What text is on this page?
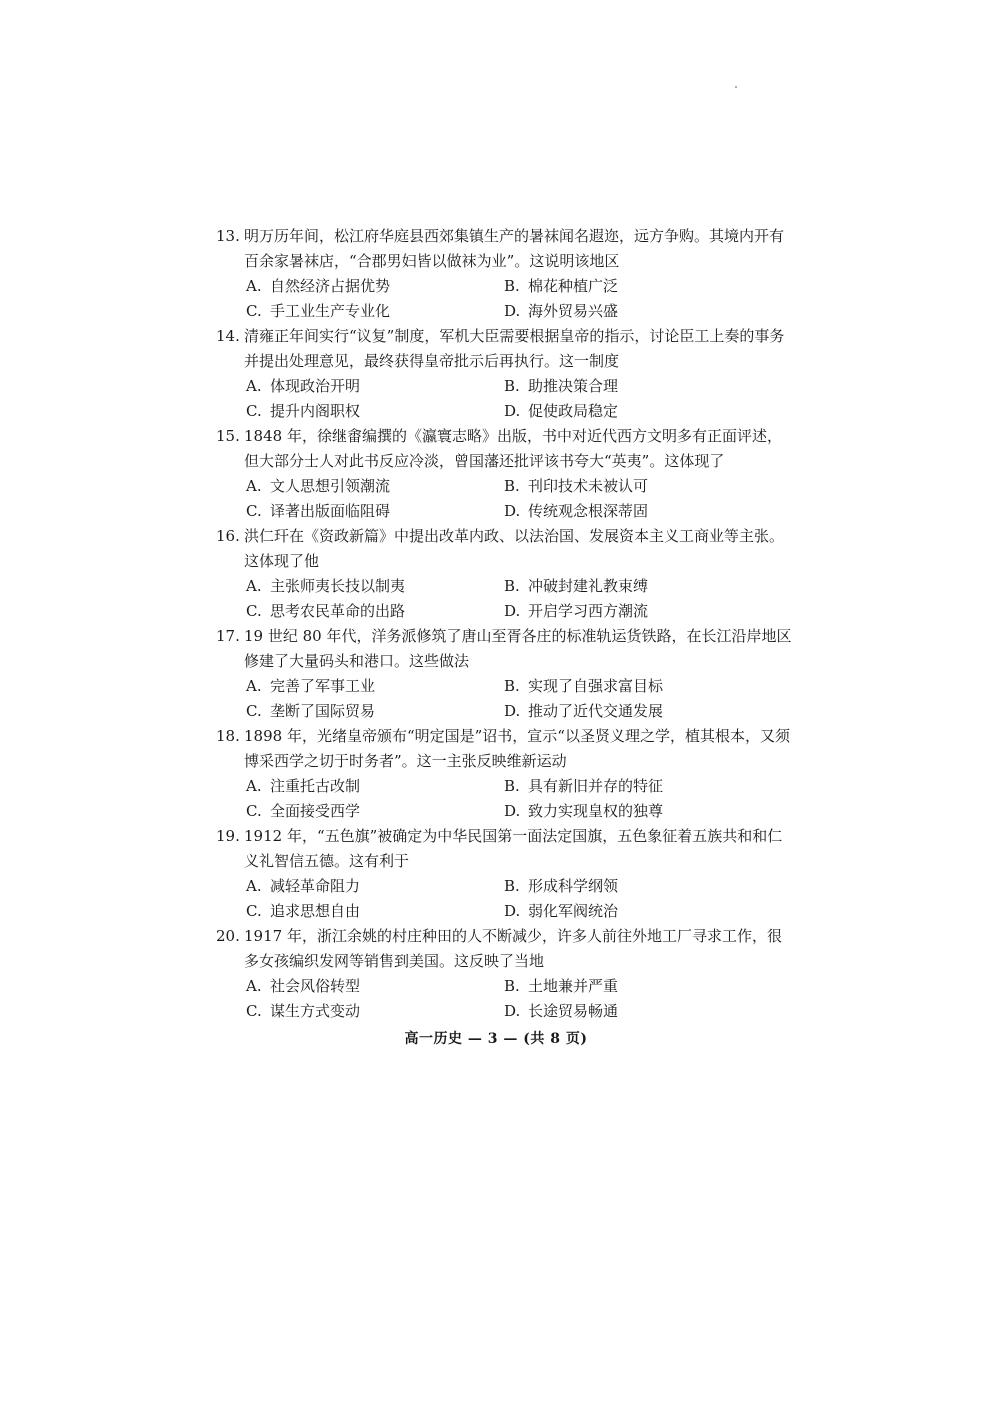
13. 明万历年间，松江府华庭县西郊集镇生产的暑袜闻名遐迩，远方争购。其境内开有百余家暑袜店，“合郡男妇皆以做袜为业”。这说明该地区
A. 自然经济占据优势	B. 棉花种植广泛
C. 手工业生产专业化	D. 海外贸易兴盛
14. 清雍正年间实行“议复”制度，军机大臣需要根据皇帝的指示，讨论臣工上奏的事务并提出处理意见，最终获得皇帝批示后再执行。这一制度
A. 体现政治开明	B. 助推决策合理
C. 提升内阁职权	D. 促使政局稳定
15. 1848 年，徐继畬编撰的《瀛寰志略》出版，书中对近代西方文明多有正面评述，但大部分士人对此书反应冷淡，曾国藩还批评该书夸大“英夷”。这体现了
A. 文人思想引领潮流	B. 刊印技术未被认可
C. 译著出版面临阻碍	D. 传统观念根深蒂固
16. 洪仁玕在《资政新篇》中提出改革内政、以法治国、发展资本主义工商业等主张。这体现了他
A. 主张师夷长技以制夷	B. 冲破封建礼教束缚
C. 思考农民革命的出路	D. 开启学习西方潮流
17. 19 世纪 80 年代，洋务派修筑了唐山至胥各庄的标准轨运货铁路，在长江沿岸地区修建了大量码头和港口。这些做法
A. 完善了军事工业	B. 实现了自强求富目标
C. 垄断了国际贸易	D. 推动了近代交通发展
18. 1898 年，光绪皇帝颁布“明定国是”诏书，宣示“以圣贤义理之学，植其根本，又须博采西学之切于时务者”。这一主张反映维新运动
A. 注重托古改制	B. 具有新旧并存的特征
C. 全面接受西学	D. 致力实现皇权的独尊
19. 1912 年，“五色旗”被确定为中华民国第一面法定国旗，五色象征着五族共和和仁义礼智信五德。这有利于
A. 减轻革命阻力	B. 形成科学纲领
C. 追求思想自由	D. 弱化军阀统治
20. 1917 年，浙江余姚的村庄种田的人不断减少，许多人前往外地工厂寻求工作，很多女孩编织发网等销售到美国。这反映了当地
A. 社会风俗转型	B. 土地兼并严重
C. 谋生方式变动	D. 长途贸易畅通
高一历史 — 3 — (共 8 页)
